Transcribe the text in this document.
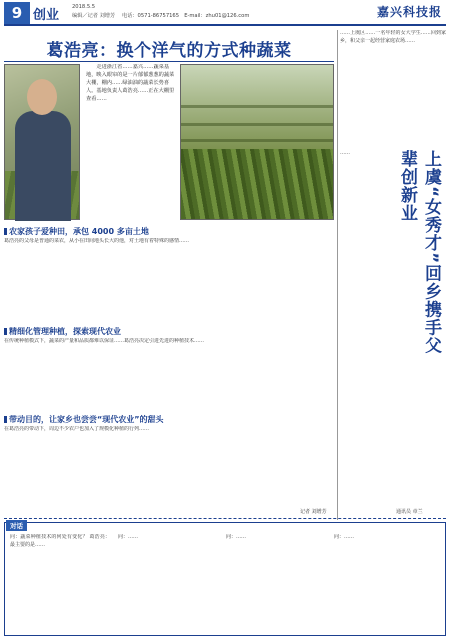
9 创业
2018.5.5
编辑／记者 刘增芳 　电话：0571-86757165　E-mail：zhu01@126.com	嘉兴科技报
葛浩亮：换个洋气的方式种蔬菜

走进浙江省……嘉兴……蔬菜基地，映入眼帘的是一片郁郁葱葱的蔬菜大棚，棚内……绿油油的蔬菜长势喜人。基地负责人葛浩亮……正在大棚里查看……

农家孩子爱种田，承包 4000 多亩土地
葛浩亮的父母是普通的菜农，从小在田间地头长大的他，对土地有着特殊的感情……
精细化管理种植，探索现代农业
在传统种植模式下，蔬菜的产量和品质都难以保证……葛浩亮决定引进先进的种植技术……
带动目的，让家乡也尝尝“现代农业”的甜头
在葛浩亮的带动下，周边不少农户也加入了规模化种植的行列……
记者 刘增芳
……上虞区……一名年轻的女大学生……回到家乡，和父亲一起经营家庭农场……
上虞“女秀才”回乡携手父辈创新业
……
通讯员 章兰
对话
问：蔬菜种植技术的何处有变化？ 葛浩亮：最主要的是……
问：……	问：……	问：……
